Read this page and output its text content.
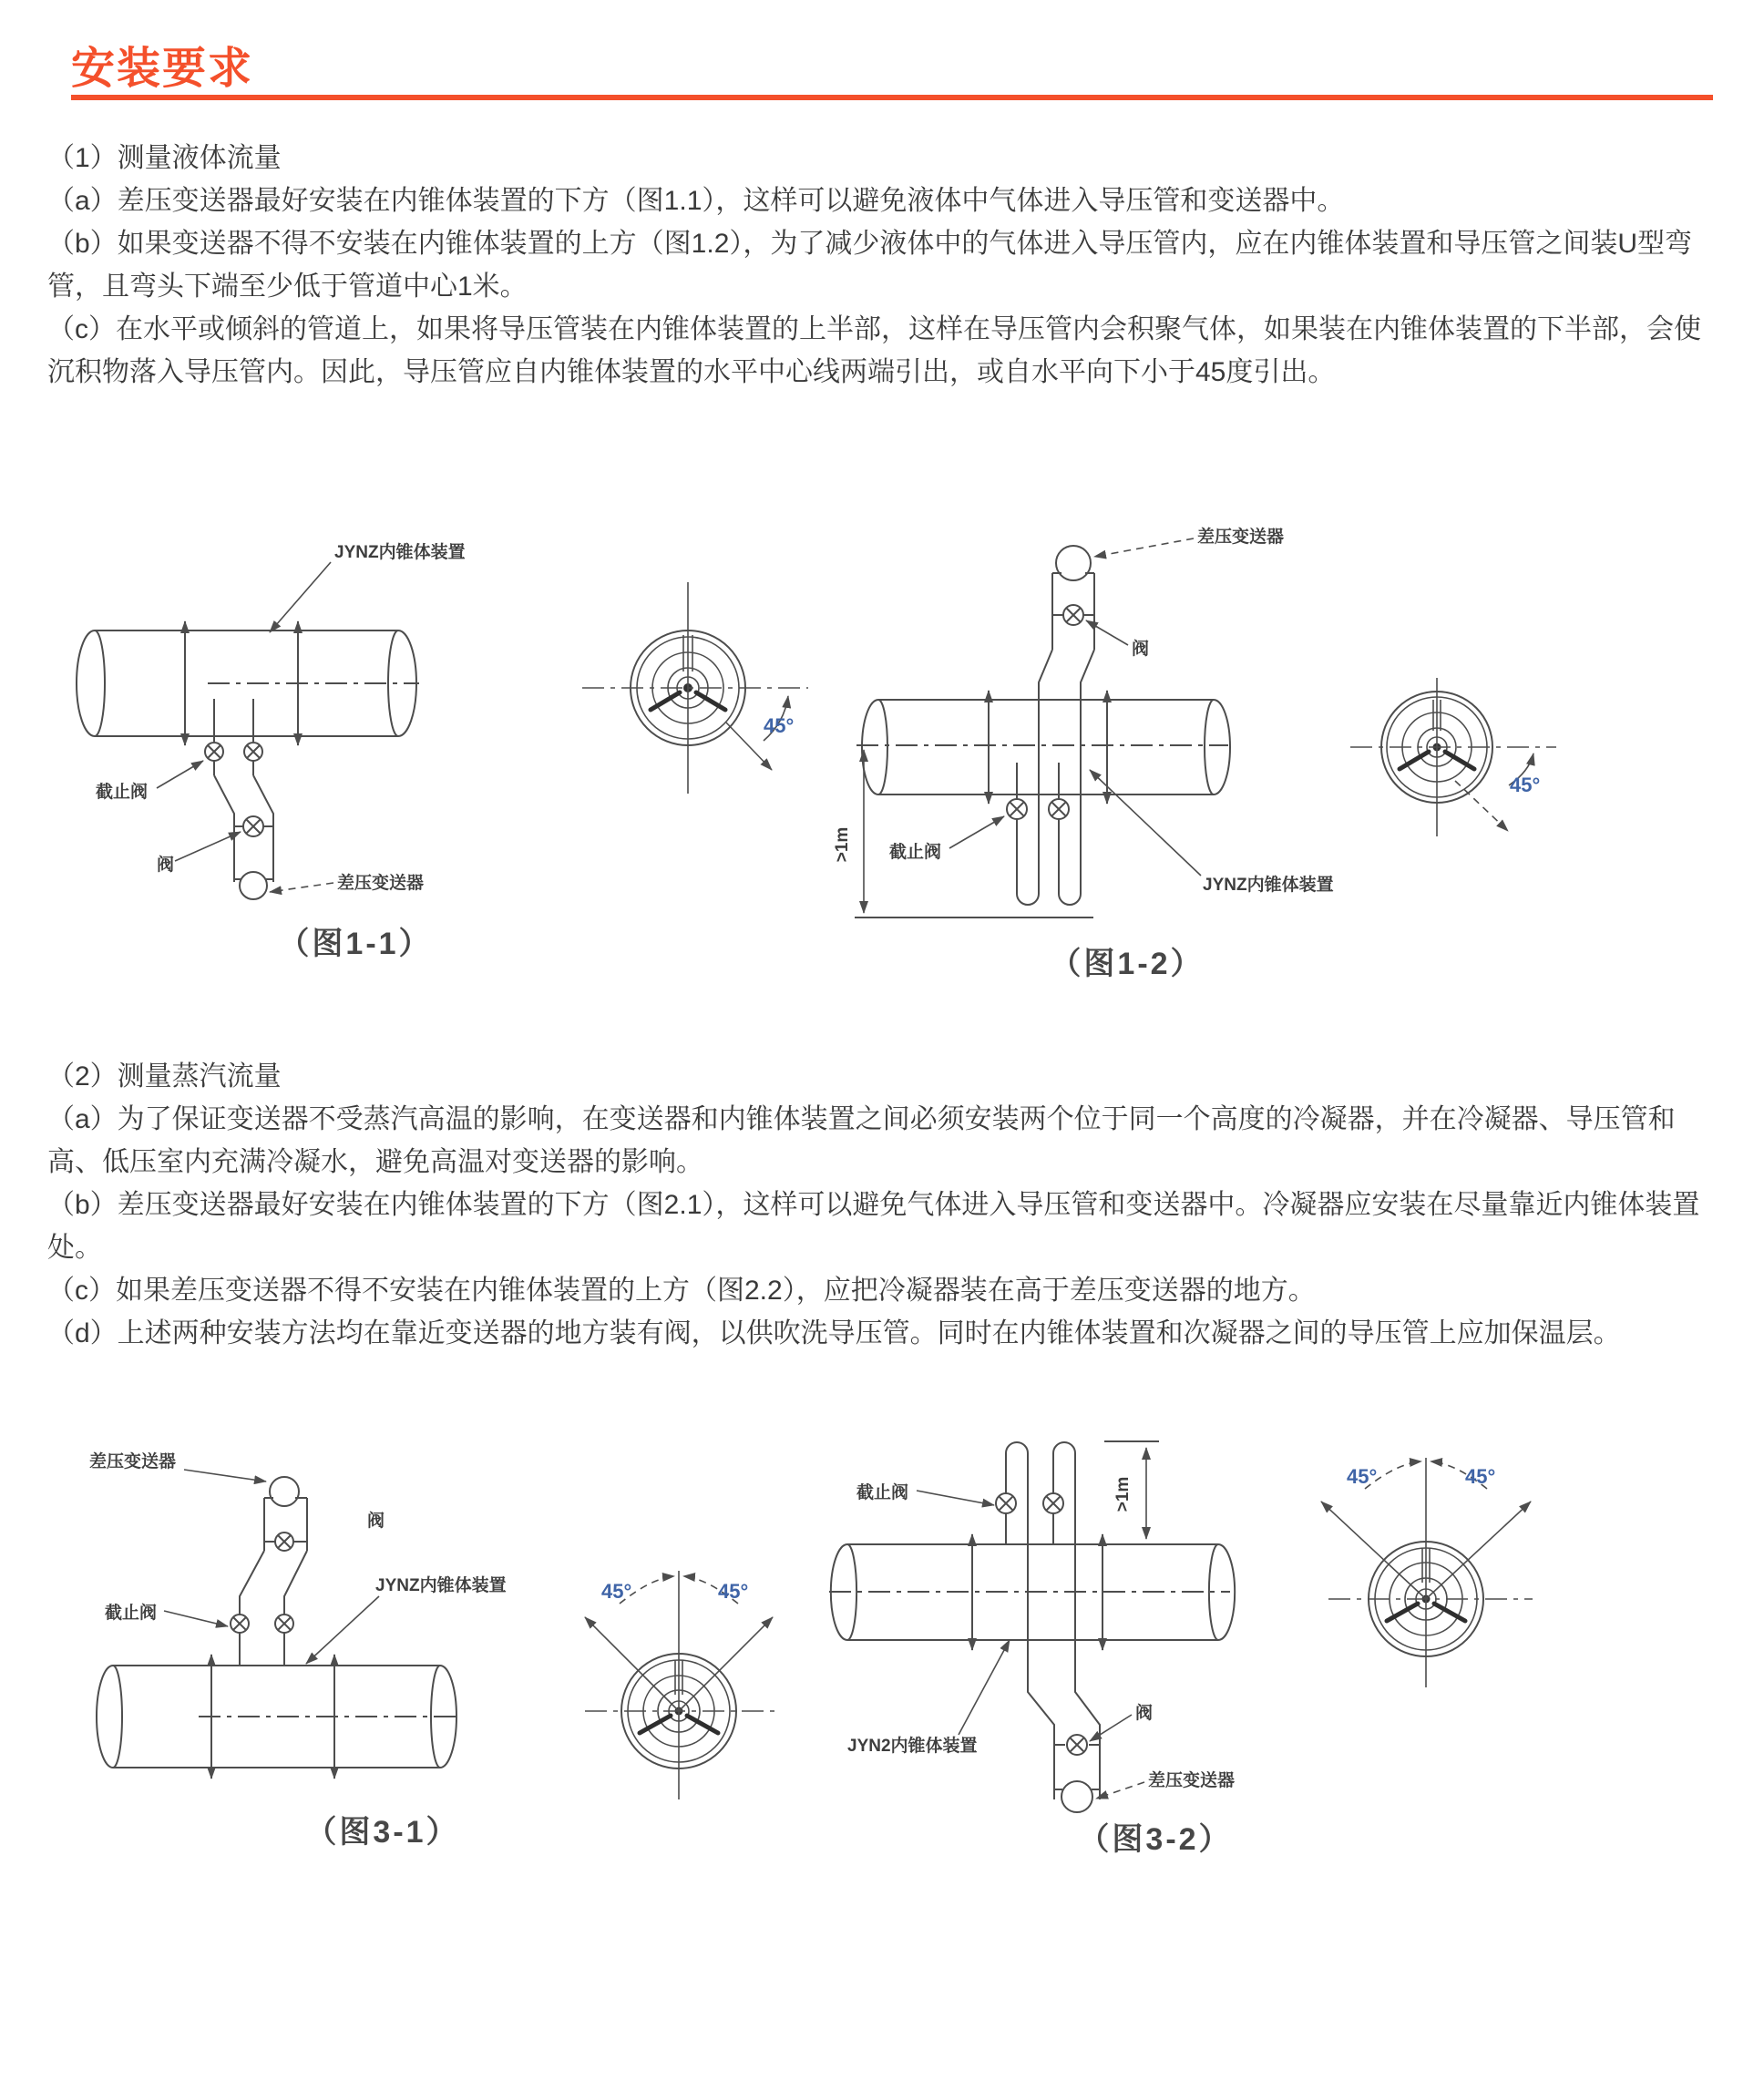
安装要求

（1）测量液体流量

（a）差压变送器最好安装在内锥体装置的下方（图1.1），这样可以避免液体中气体进入导压管和变送器中。

（b）如果变送器不得不安装在内锥体装置的上方（图1.2），为了减少液体中的气体进入导压管内，应在内锥体装置和导压管之间装U型弯管，且弯头下端至少低于管道中心1米。

（c）在水平或倾斜的管道上，如果将导压管装在内锥体装置的上半部，这样在导压管内会积聚气体，如果装在内锥体装置的下半部，会使沉积物落入导压管内。因此，导压管应自内锥体装置的水平中心线两端引出，或自水平向下小于45度引出。

JYNZ内锥体装置
截止阀
阀
差压变送器
（图1-1）
45°
>1m
差压变送器
阀
截止阀
JYNZ内锥体装置
（图1-2）
45°

（2）测量蒸汽流量

（a）为了保证变送器不受蒸汽高温的影响，在变送器和内锥体装置之间必须安装两个位于同一个高度的冷凝器，并在冷凝器、导压管和高、低压室内充满冷凝水，避免高温对变送器的影响。

（b）差压变送器最好安装在内锥体装置的下方（图2.1），这样可以避免气体进入导压管和变送器中。冷凝器应安装在尽量靠近内锥体装置处。

（c）如果差压变送器不得不安装在内锥体装置的上方（图2.2），应把冷凝器装在高于差压变送器的地方。

（d）上述两种安装方法均在靠近变送器的地方装有阀，以供吹洗导压管。同时在内锥体装置和次凝器之间的导压管上应加保温层。

差压变送器
阀
截止阀
JYNZ内锥体装置
（图3-1）
45°	45°
>1m
截止阀
JYN2内锥体装置
阀
差压变送器
（图3-2）
45°	45°
